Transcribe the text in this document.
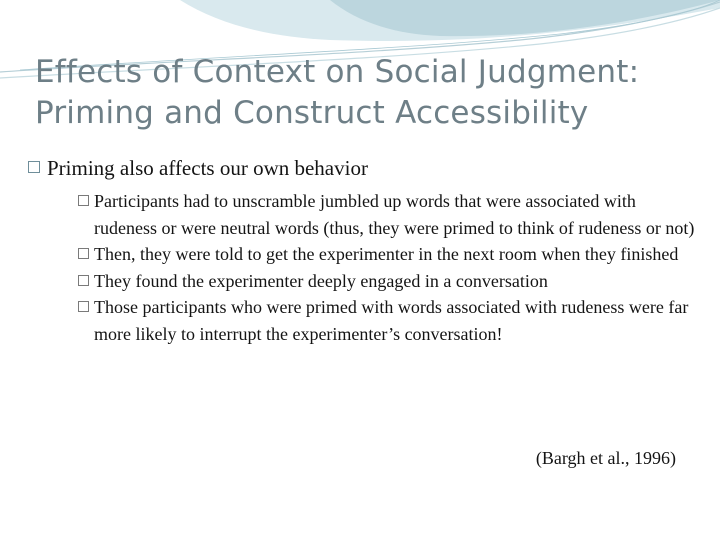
Effects of Context on Social Judgment:
Priming and Construct Accessibility
Priming also affects our own behavior
Participants had to unscramble jumbled up words that were associated with rudeness or were neutral words (thus, they were primed to think of rudeness or not)
Then, they were told to get the experimenter in the next room when they finished
They found the experimenter deeply engaged in a conversation
Those participants who were primed with words associated with rudeness were far more likely to interrupt the experimenter’s conversation!
(Bargh et al., 1996)
